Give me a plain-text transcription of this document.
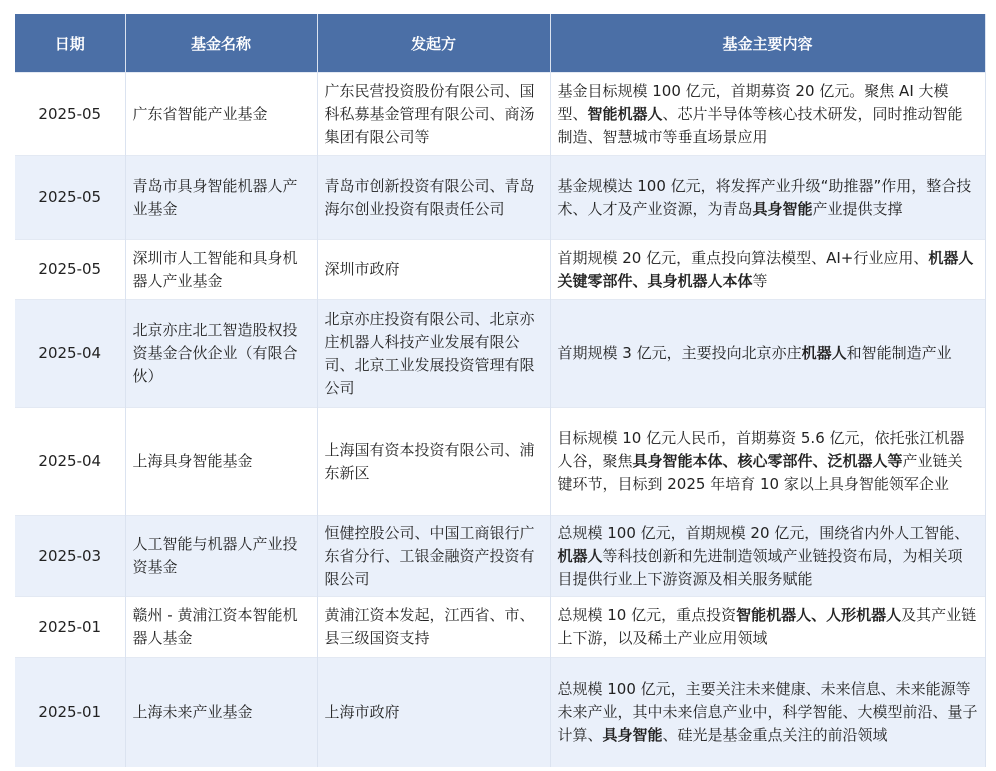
日期	基金名称	发起方	基金主要内容
2025-05	广东省智能产业基金	广东民营投资股份有限公司、国科私募基金管理有限公司、商汤集团有限公司等	基金目标规模 100 亿元，首期募资 20 亿元。聚焦 AI 大模型、智能机器人、芯片半导体等核心技术研发，同时推动智能制造、智慧城市等垂直场景应用
2025-05	青岛市具身智能机器人产业基金	青岛市创新投资有限公司、青岛海尔创业投资有限责任公司	基金规模达 100 亿元，将发挥产业升级“助推器”作用，整合技术、人才及产业资源，为青岛具身智能产业提供支撑
2025-05	深圳市人工智能和具身机器人产业基金	深圳市政府	首期规模 20 亿元，重点投向算法模型、AI+行业应用、机器人关键零部件、具身机器人本体等
2025-04	北京亦庄北工智造股权投资基金合伙企业（有限合伙）	北京亦庄投资有限公司、北京亦庄机器人科技产业发展有限公司、北京工业发展投资管理有限公司	首期规模 3 亿元，主要投向北京亦庄机器人和智能制造产业
2025-04	上海具身智能基金	上海国有资本投资有限公司、浦东新区	目标规模 10 亿元人民币，首期募资 5.6 亿元，依托张江机器人谷，聚焦具身智能本体、核心零部件、泛机器人等产业链关键环节，目标到 2025 年培育 10 家以上具身智能领军企业
2025-03	人工智能与机器人产业投资基金	恒健控股公司、中国工商银行广东省分行、工银金融资产投资有限公司	总规模 100 亿元，首期规模 20 亿元，围绕省内外人工智能、机器人等科技创新和先进制造领域产业链投资布局，为相关项目提供行业上下游资源及相关服务赋能
2025-01	赣州 - 黄浦江资本智能机器人基金	黄浦江资本发起，江西省、市、县三级国资支持	总规模 10 亿元，重点投资智能机器人、人形机器人及其产业链上下游，以及稀土产业应用领域
2025-01	上海未来产业基金	上海市政府	总规模 100 亿元，主要关注未来健康、未来信息、未来能源等未来产业，其中未来信息产业中，科学智能、大模型前沿、量子计算、具身智能、硅光是基金重点关注的前沿领域
